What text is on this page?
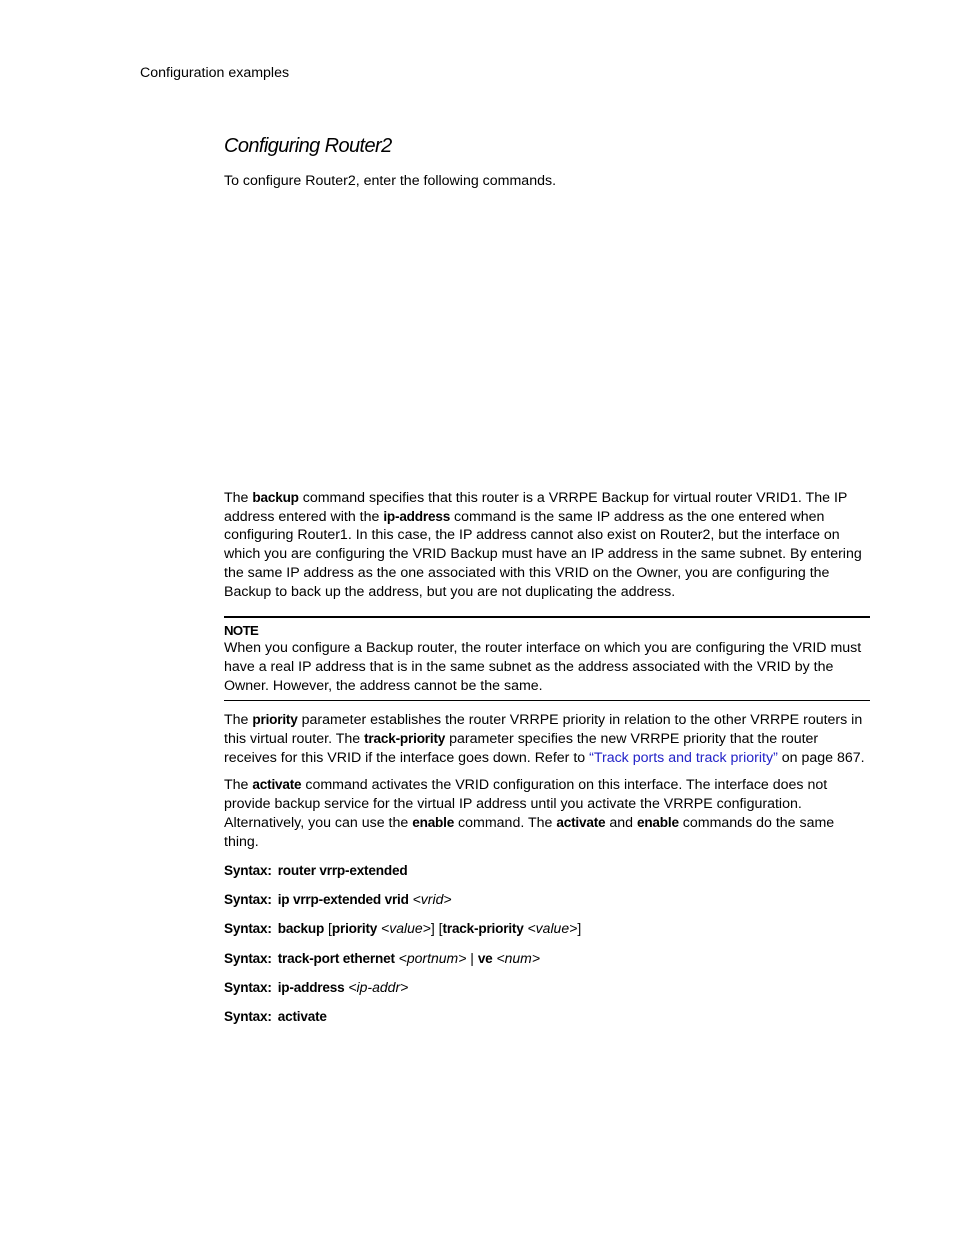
Configuration examples
Configuring Router2

To configure Router2, enter the following commands.

The backup command specifies that this router is a VRRPE Backup for virtual router VRID1. The IP address entered with the ip-address command is the same IP address as the one entered when configuring Router1. In this case, the IP address cannot also exist on Router2, but the interface on which you are configuring the VRID Backup must have an IP address in the same subnet. By entering the same IP address as the one associated with this VRID on the Owner, you are configuring the Backup to back up the address, but you are not duplicating the address.

NOTE
When you configure a Backup router, the router interface on which you are configuring the VRID must have a real IP address that is in the same subnet as the address associated with the VRID by the Owner. However, the address cannot be the same.

The priority parameter establishes the router VRRPE priority in relation to the other VRRPE routers in this virtual router. The track-priority parameter specifies the new VRRPE priority that the router receives for this VRID if the interface goes down. Refer to “Track ports and track priority” on page 867.

The activate command activates the VRID configuration on this interface. The interface does not provide backup service for the virtual IP address until you activate the VRRPE configuration. Alternatively, you can use the enable command. The activate and enable commands do the same thing.

Syntax: router vrrp-extended

Syntax: ip vrrp-extended vrid <vrid>

Syntax: backup [priority <value>] [track-priority <value>]

Syntax: track-port ethernet <portnum> | ve <num>

Syntax: ip-address <ip-addr>

Syntax: activate
